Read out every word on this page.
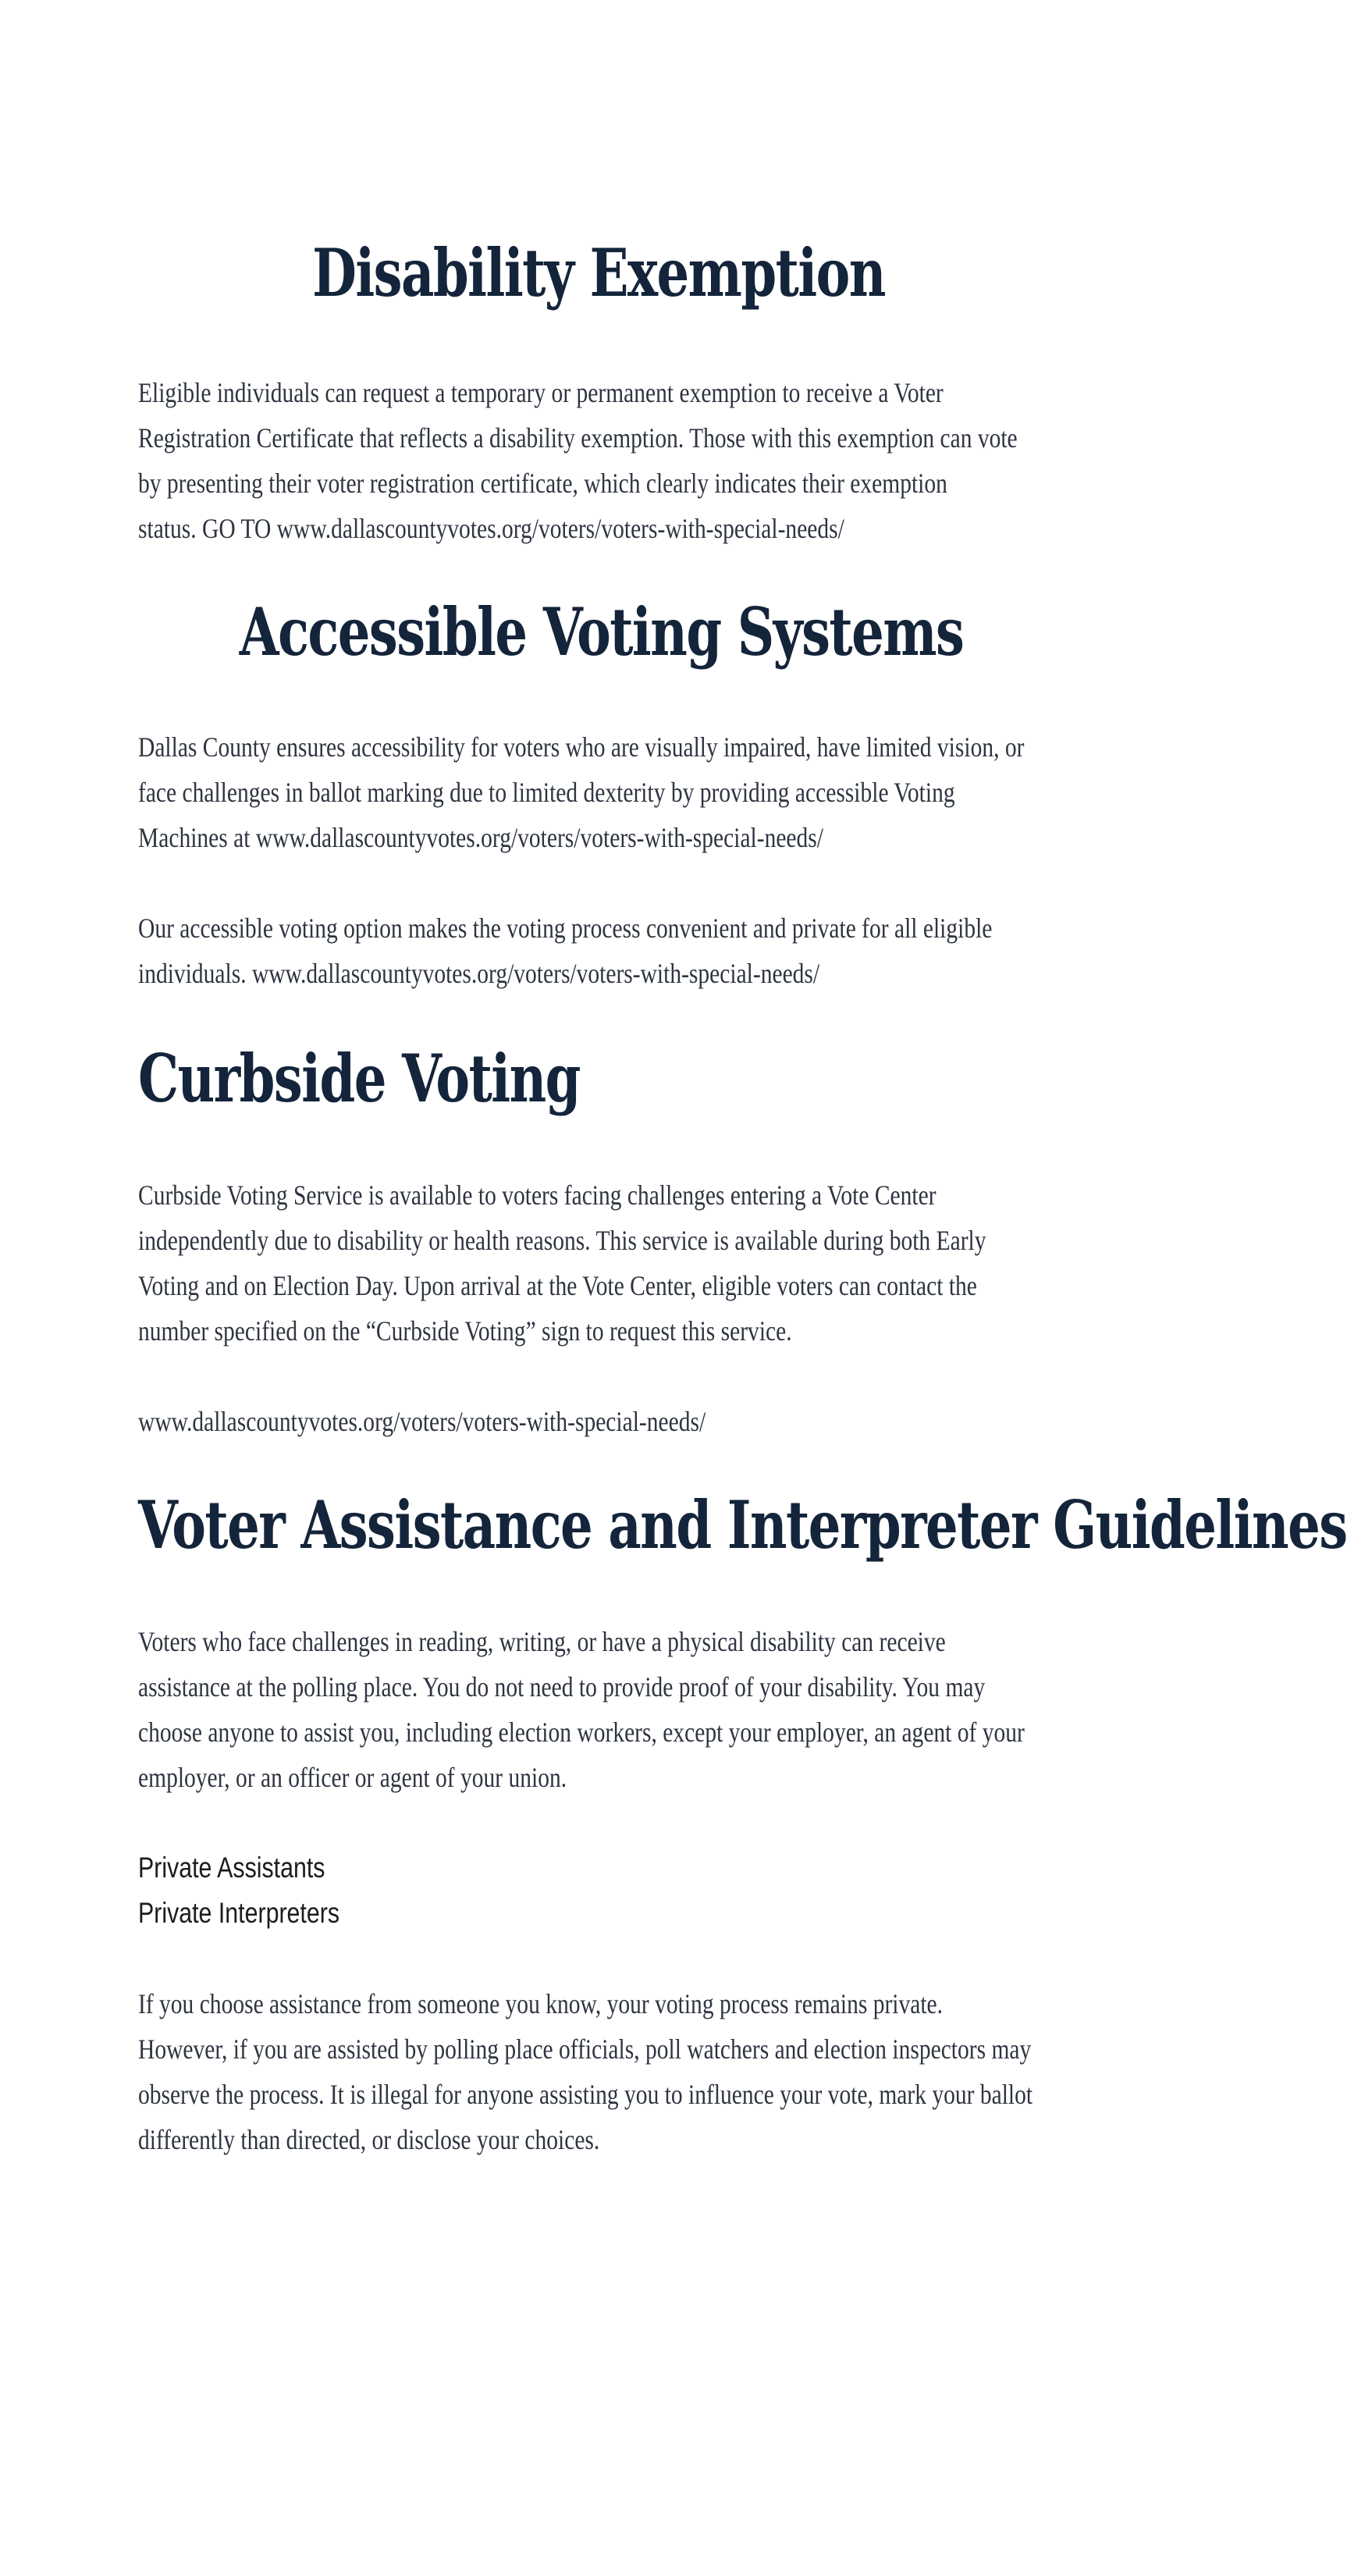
Disability Exemption

Eligible individuals can request a temporary or permanent exemption to receive a Voter
Registration Certificate that reflects a disability exemption. Those with this exemption can vote
by presenting their voter registration certificate, which clearly indicates their exemption
status. GO TO www.dallascountyvotes.org/voters/voters-with-special-needs/

Accessible Voting Systems

Dallas County ensures accessibility for voters who are visually impaired, have limited vision, or
face challenges in ballot marking due to limited dexterity by providing accessible Voting
Machines at www.dallascountyvotes.org/voters/voters-with-special-needs/

Our accessible voting option makes the voting process convenient and private for all eligible
individuals. www.dallascountyvotes.org/voters/voters-with-special-needs/

Curbside Voting

Curbside Voting Service is available to voters facing challenges entering a Vote Center
independently due to disability or health reasons. This service is available during both Early
Voting and on Election Day. Upon arrival at the Vote Center, eligible voters can contact the
number specified on the “Curbside Voting” sign to request this service.

www.dallascountyvotes.org/voters/voters-with-special-needs/

Voter Assistance and Interpreter Guidelines

Voters who face challenges in reading, writing, or have a physical disability can receive
assistance at the polling place. You do not need to provide proof of your disability. You may
choose anyone to assist you, including election workers, except your employer, an agent of your
employer, or an officer or agent of your union.

Private Assistants
Private Interpreters

If you choose assistance from someone you know, your voting process remains private.
However, if you are assisted by polling place officials, poll watchers and election inspectors may
observe the process. It is illegal for anyone assisting you to influence your vote, mark your ballot
differently than directed, or disclose your choices.
